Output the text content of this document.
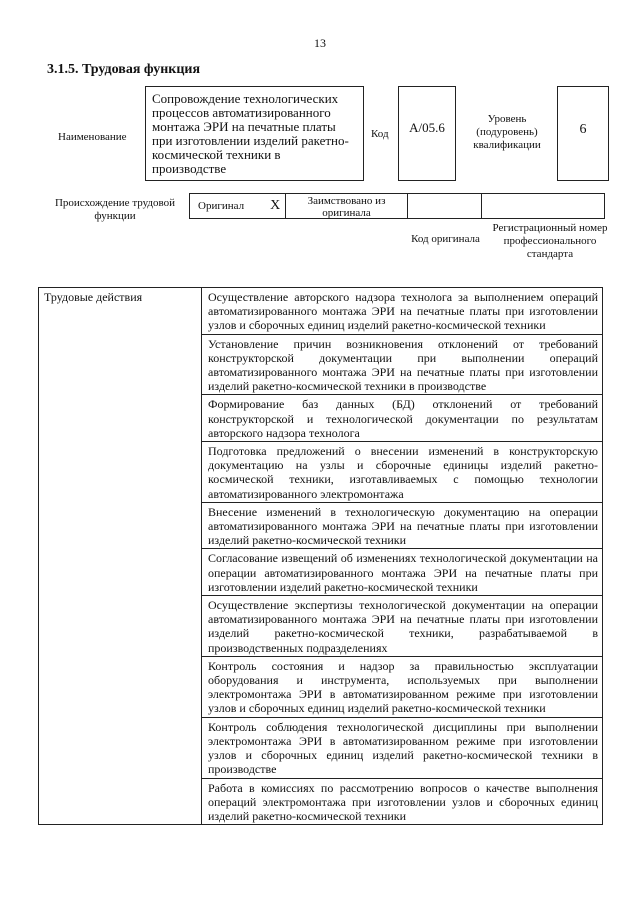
13
3.1.5. Трудовая функция
Наименование
Сопровождение технологических процессов автоматизированного монтажа ЭРИ на печатные платы при изготовлении изделий ракетно-космической техники в производстве
Код А/05.6
Уровень (подуровень) квалификации
6
Происхождение трудовой функции
Оригинал X	Заимствовано из оригинала
Код оригинала
Регистрационный номер профессионального стандарта
Трудовые действия	Осуществление авторского надзора технолога за выполнением операций автоматизированного монтажа ЭРИ на печатные платы при изготовлении узлов и сборочных единиц изделий ракетно-космической техники
Установление причин возникновения отклонений от требований конструкторской документации при выполнении операций автоматизированного монтажа ЭРИ на печатные платы при изготовлении изделий ракетно-космической техники в производстве
Формирование баз данных (БД) отклонений от требований конструкторской и технологической документации по результатам авторского надзора технолога
Подготовка предложений о внесении изменений в конструкторскую документацию на узлы и сборочные единицы изделий ракетно-космической техники, изготавливаемых с помощью технологии автоматизированного электромонтажа
Внесение изменений в технологическую документацию на операции автоматизированного монтажа ЭРИ на печатные платы при изготовлении изделий ракетно-космической техники
Согласование извещений об изменениях технологической документации на операции автоматизированного монтажа ЭРИ на печатные платы при изготовлении изделий ракетно-космической техники
Осуществление экспертизы технологической документации на операции автоматизированного монтажа ЭРИ на печатные платы при изготовлении изделий ракетно-космической техники, разрабатываемой в производственных подразделениях
Контроль состояния и надзор за правильностью эксплуатации оборудования и инструмента, используемых при выполнении электромонтажа ЭРИ в автоматизированном режиме при изготовлении узлов и сборочных единиц изделий ракетно-космической техники
Контроль соблюдения технологической дисциплины при выполнении электромонтажа ЭРИ в автоматизированном режиме при изготовлении узлов и сборочных единиц изделий ракетно-космической техники в производстве
Работа в комиссиях по рассмотрению вопросов о качестве выполнения операций электромонтажа при изготовлении узлов и сборочных единиц изделий ракетно-космической техники
